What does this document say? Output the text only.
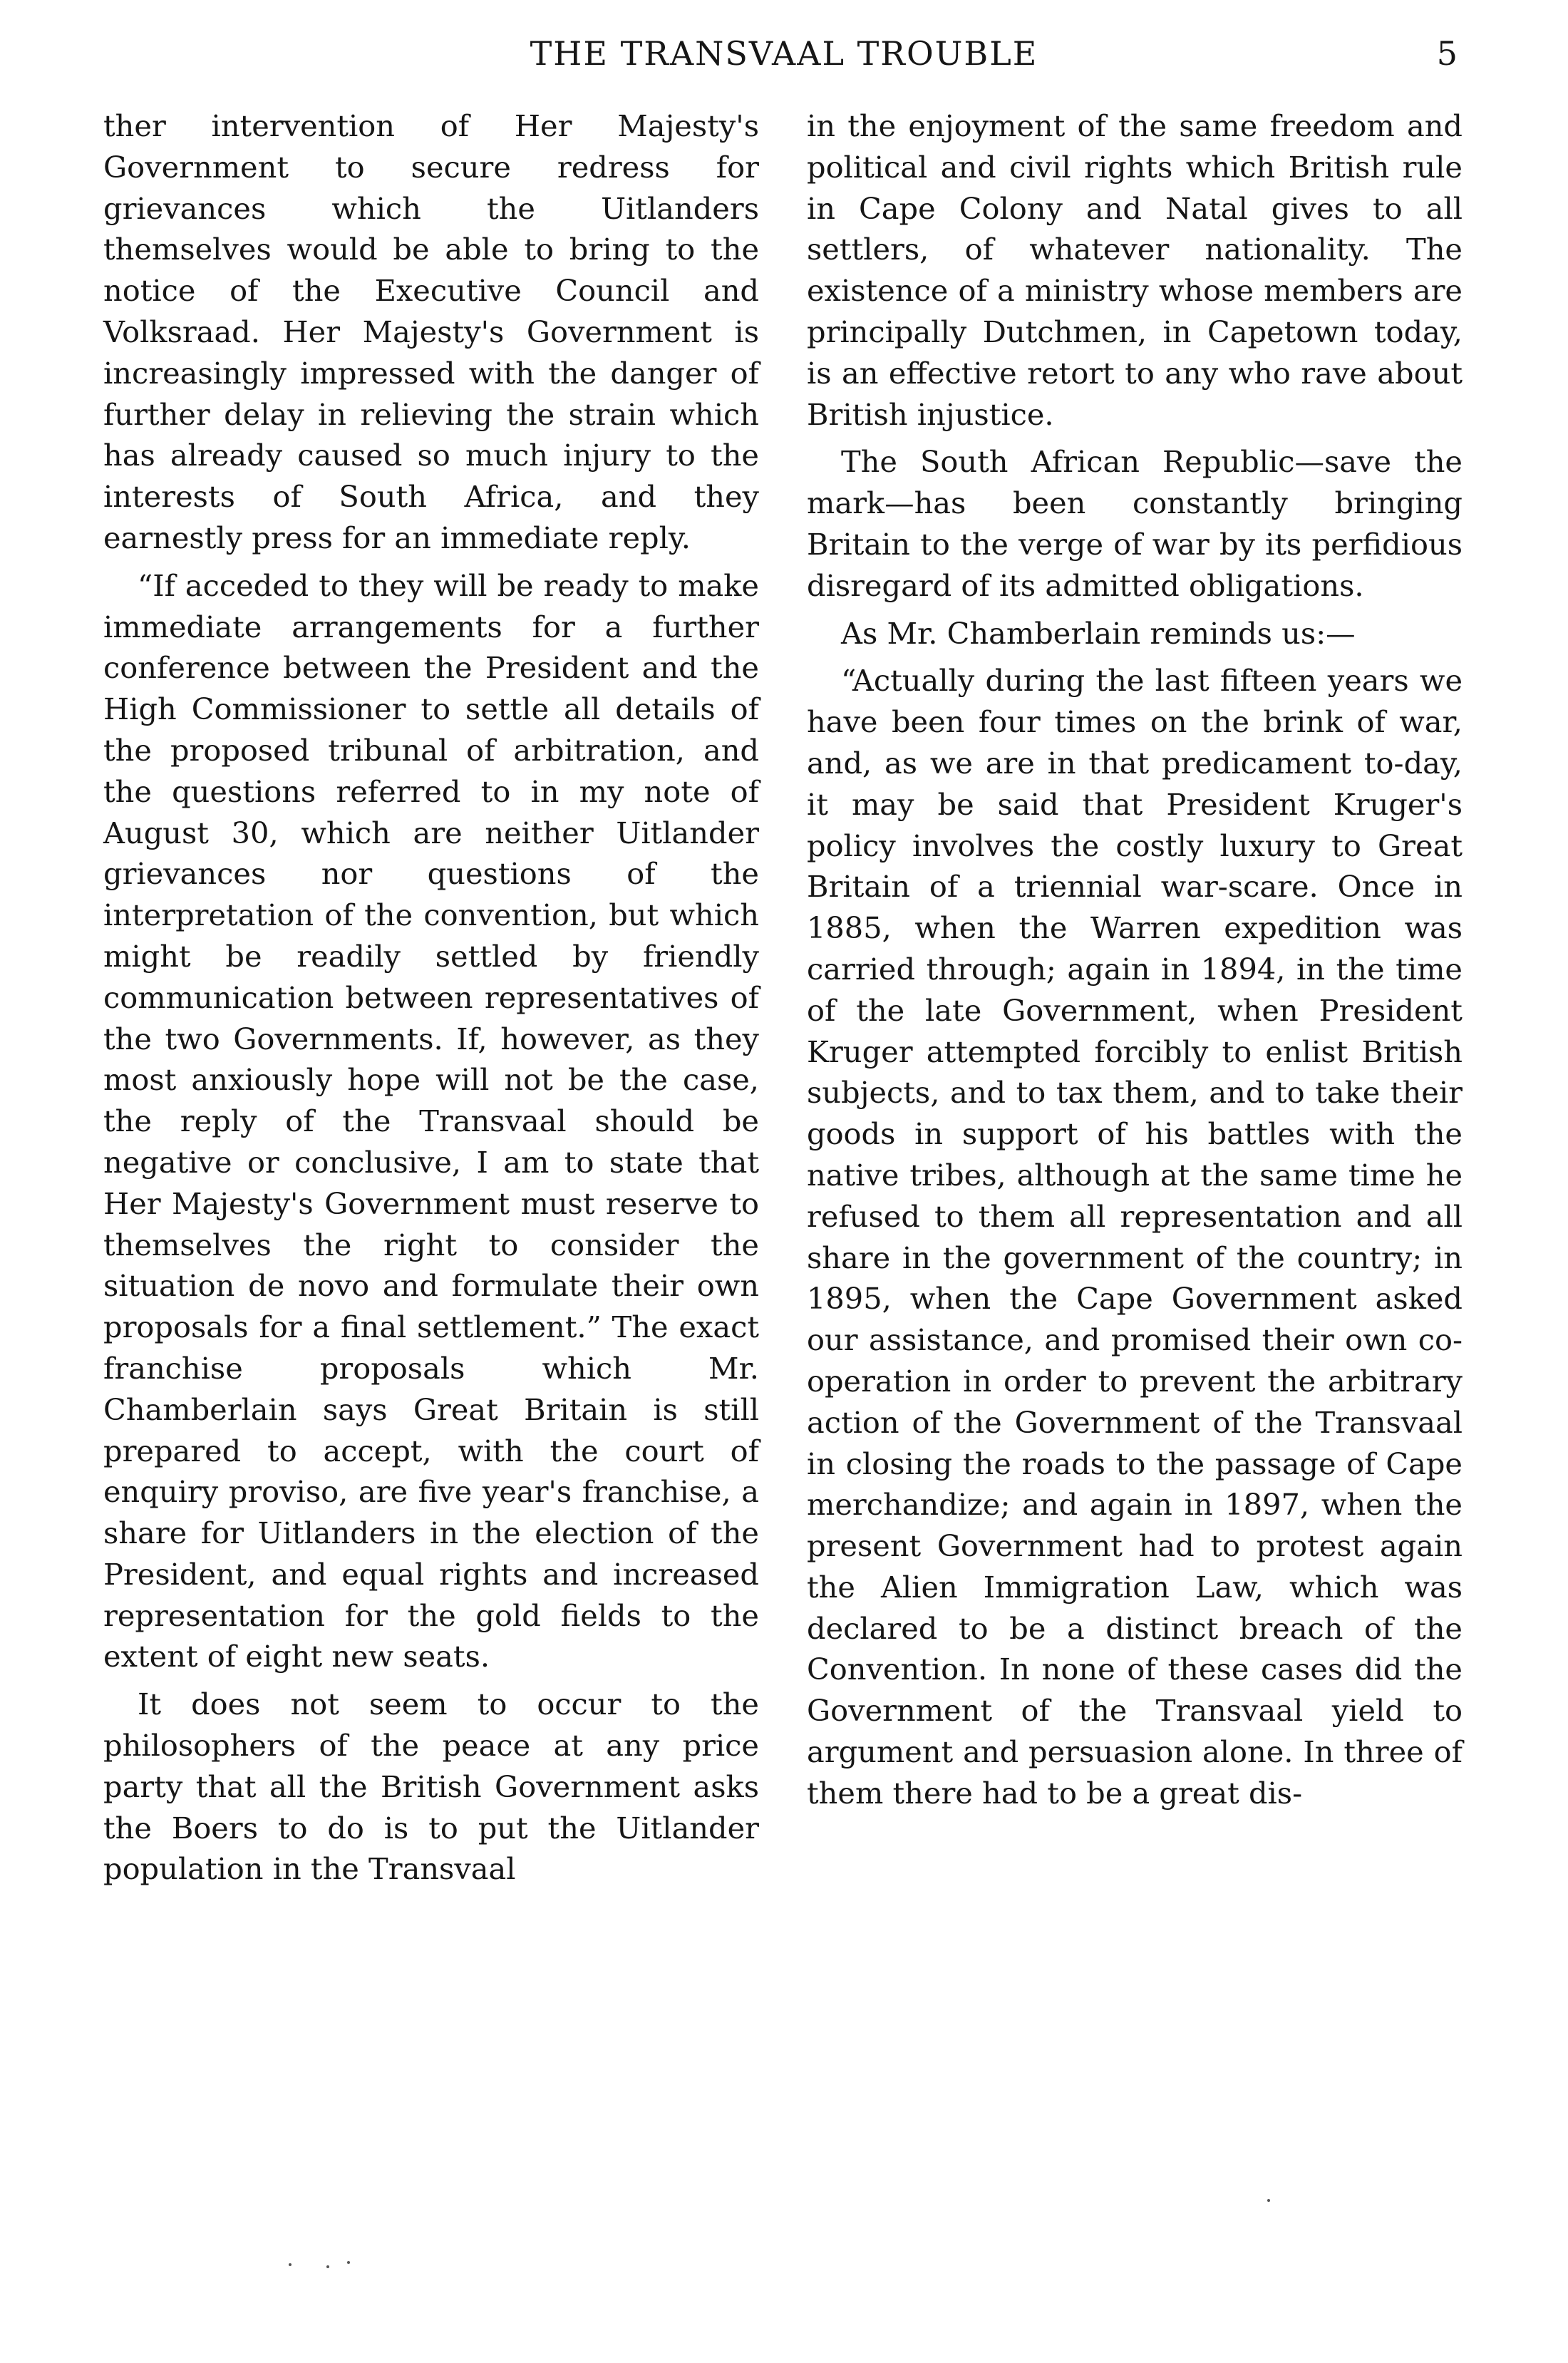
THE TRANSVAAL TROUBLE	5

ther intervention of Her Majesty's Government to secure redress for grievances which the Uitlanders themselves would be able to bring to the notice of the Executive Council and Volksraad. Her Majesty's Government is increasingly impressed with the danger of further delay in relieving the strain which has already caused so much injury to the interests of South Africa, and they earnestly press for an immediate reply.

“If acceded to they will be ready to make immediate arrangements for a further conference between the President and the High Commissioner to settle all details of the proposed tribunal of arbitration, and the questions referred to in my note of August 30, which are neither Uitlander grievances nor questions of the interpretation of the convention, but which might be readily settled by friendly communication between representatives of the two Governments. If, however, as they most anxiously hope will not be the case, the reply of the Transvaal should be negative or conclusive, I am to state that Her Majesty's Government must reserve to themselves the right to consider the situation de novo and formulate their own proposals for a final settlement.” The exact franchise proposals which Mr. Chamberlain says Great Britain is still prepared to accept, with the court of enquiry proviso, are five year's franchise, a share for Uitlanders in the election of the President, and equal rights and increased representation for the gold fields to the extent of eight new seats.

It does not seem to occur to the philosophers of the peace at any price party that all the British Government asks the Boers to do is to put the Uitlander population in the Transvaal

in the enjoyment of the same freedom and political and civil rights which British rule in Cape Colony and Natal gives to all settlers, of whatever nationality. The existence of a ministry whose members are principally Dutchmen, in Capetown today, is an effective retort to any who rave about British injustice.

The South African Republic—save the mark—has been constantly bringing Britain to the verge of war by its perfidious disregard of its admitted obligations.

As Mr. Chamberlain reminds us:—

“Actually during the last fifteen years we have been four times on the brink of war, and, as we are in that predicament to-day, it may be said that President Kruger's policy involves the costly luxury to Great Britain of a triennial war-scare. Once in 1885, when the Warren expedition was carried through; again in 1894, in the time of the late Government, when President Kruger attempted forcibly to enlist British subjects, and to tax them, and to take their goods in support of his battles with the native tribes, although at the same time he refused to them all representation and all share in the government of the country; in 1895, when the Cape Government asked our assistance, and promised their own co-operation in order to prevent the arbitrary action of the Government of the Transvaal in closing the roads to the passage of Cape merchandize; and again in 1897, when the present Government had to protest again the Alien Immigration Law, which was declared to be a distinct breach of the Convention. In none of these cases did the Government of the Transvaal yield to argument and persuasion alone. In three of them there had to be a great dis-
